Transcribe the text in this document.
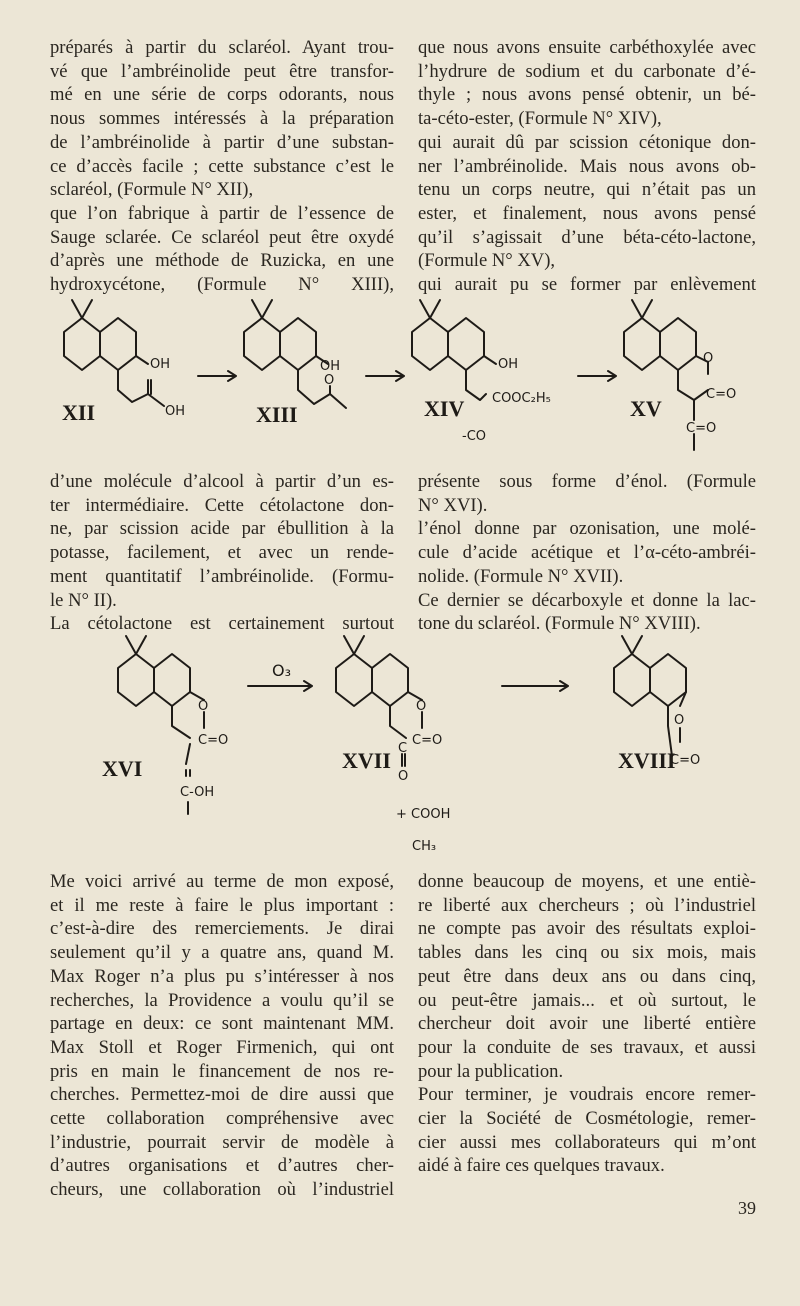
préparés à partir du sclaréol. Ayant trou-

vé que l’ambréinolide peut être transfor-

mé en une série de corps odorants, nous

nous sommes intéressés à la préparation

de l’ambréinolide à partir d’une substan-

ce d’accès facile ; cette substance c’est le

sclaréol, (Formule N° XII),

que l’on fabrique à partir de l’essence de

Sauge sclarée. Ce sclaréol peut être oxydé

d’après une méthode de Ruzicka, en une

hydroxycétone, (Formule N° XIII),

que nous avons ensuite carbéthoxylée avec

l’hydrure de sodium et du carbonate d’é-

thyle ; nous avons pensé obtenir, un bé-

ta-céto-ester, (Formule N° XIV),

qui aurait dû par scission cétonique don-

ner l’ambréinolide. Mais nous avons ob-

tenu un corps neutre, qui n’était pas un

ester, et finalement, nous avons pensé

qu’il s’agissait d’une béta-céto-lactone,

(Formule N° XV),

qui aurait pu se former par enlèvement

OH
OH
XII
OH
O
XIII
OH
COOC₂H₅
-CO
XIV
O
C=O
C=O
XV

d’une molécule d’alcool à partir d’un es-

ter intermédiaire. Cette cétolactone don-

ne, par scission acide par ébullition à la

potasse, facilement, et avec un rende-

ment quantitatif l’ambréinolide. (Formu-

le N° II).

La cétolactone est certainement surtout

présente sous forme d’énol. (Formule

N° XVI).

l’énol donne par ozonisation, une molé-

cule d’acide acétique et l’α-céto-ambréi-

nolide. (Formule N° XVII).

Ce dernier se décarboxyle et donne la lac-

tone du sclaréol. (Formule N° XVIII).

O
C=O
C-OH
XVI
O₃
O
C=O
C
O
+ COOH
CH₃
XVII
O
C=O
XVIII

Me voici arrivé au terme de mon exposé,

et il me reste à faire le plus important :

c’est-à-dire des remerciements. Je dirai

seulement qu’il y a quatre ans, quand M.

Max Roger n’a plus pu s’intéresser à nos

recherches, la Providence a voulu qu’il se

partage en deux: ce sont maintenant MM.

Max Stoll et Roger Firmenich, qui ont

pris en main le financement de nos re-

cherches. Permettez-moi de dire aussi que

cette collaboration compréhensive avec

l’industrie, pourrait servir de modèle à

d’autres organisations et d’autres cher-

cheurs, une collaboration où l’industriel

donne beaucoup de moyens, et une entiè-

re liberté aux chercheurs ; où l’industriel

ne compte pas avoir des résultats exploi-

tables dans les cinq ou six mois, mais

peut être dans deux ans ou dans cinq,

ou peut-être jamais... et où surtout, le

chercheur doit avoir une liberté entière

pour la conduite de ses travaux, et aussi

pour la publication.

Pour terminer, je voudrais encore remer-

cier la Société de Cosmétologie, remer-

cier aussi mes collaborateurs qui m’ont

aidé à faire ces quelques travaux.

39
